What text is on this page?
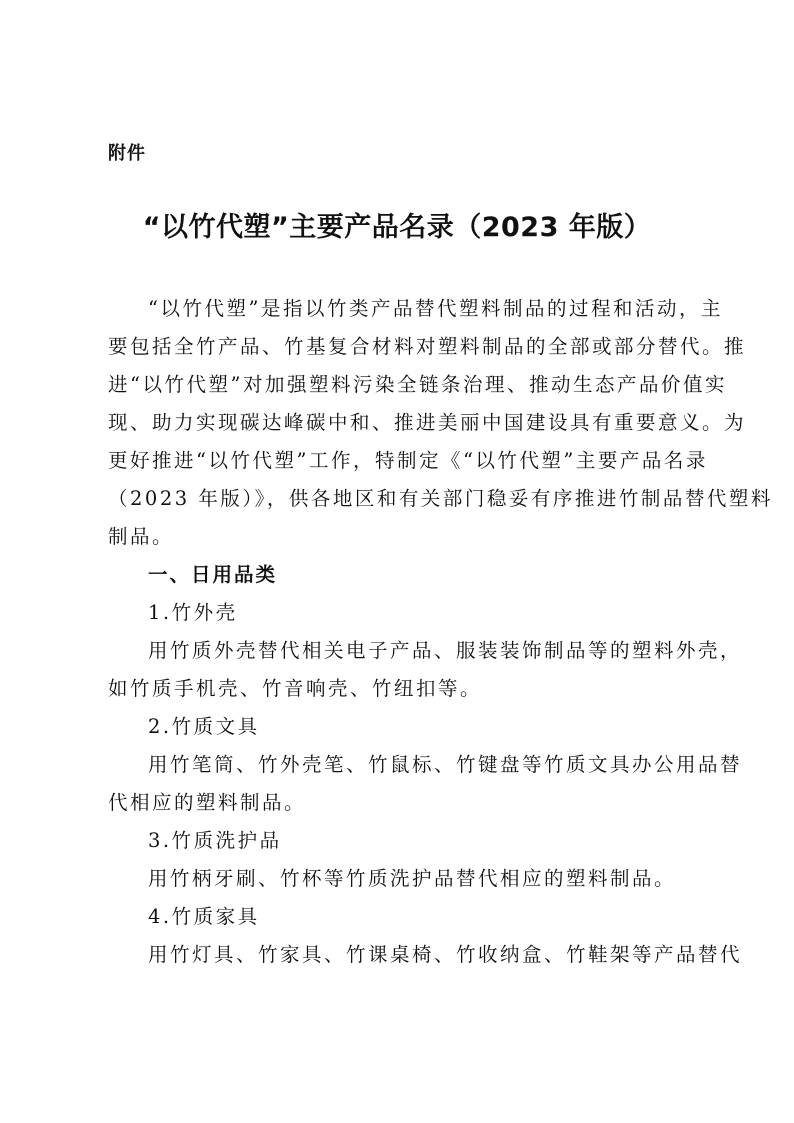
附件
“以竹代塑”主要产品名录（2023 年版）
“以竹代塑”是指以竹类产品替代塑料制品的过程和活动，主
要包括全竹产品、竹基复合材料对塑料制品的全部或部分替代。推
进“以竹代塑”对加强塑料污染全链条治理、推动生态产品价值实
现、助力实现碳达峰碳中和、推进美丽中国建设具有重要意义。为
更好推进“以竹代塑”工作，特制定《“以竹代塑”主要产品名录
（2023 年版）》，供各地区和有关部门稳妥有序推进竹制品替代塑料
制品。
一、日用品类
1.竹外壳
用竹质外壳替代相关电子产品、服装装饰制品等的塑料外壳，
如竹质手机壳、竹音响壳、竹纽扣等。
2.竹质文具
用竹笔筒、竹外壳笔、竹鼠标、竹键盘等竹质文具办公用品替
代相应的塑料制品。
3.竹质洗护品
用竹柄牙刷、竹杯等竹质洗护品替代相应的塑料制品。
4.竹质家具
用竹灯具、竹家具、竹课桌椅、竹收纳盒、竹鞋架等产品替代
